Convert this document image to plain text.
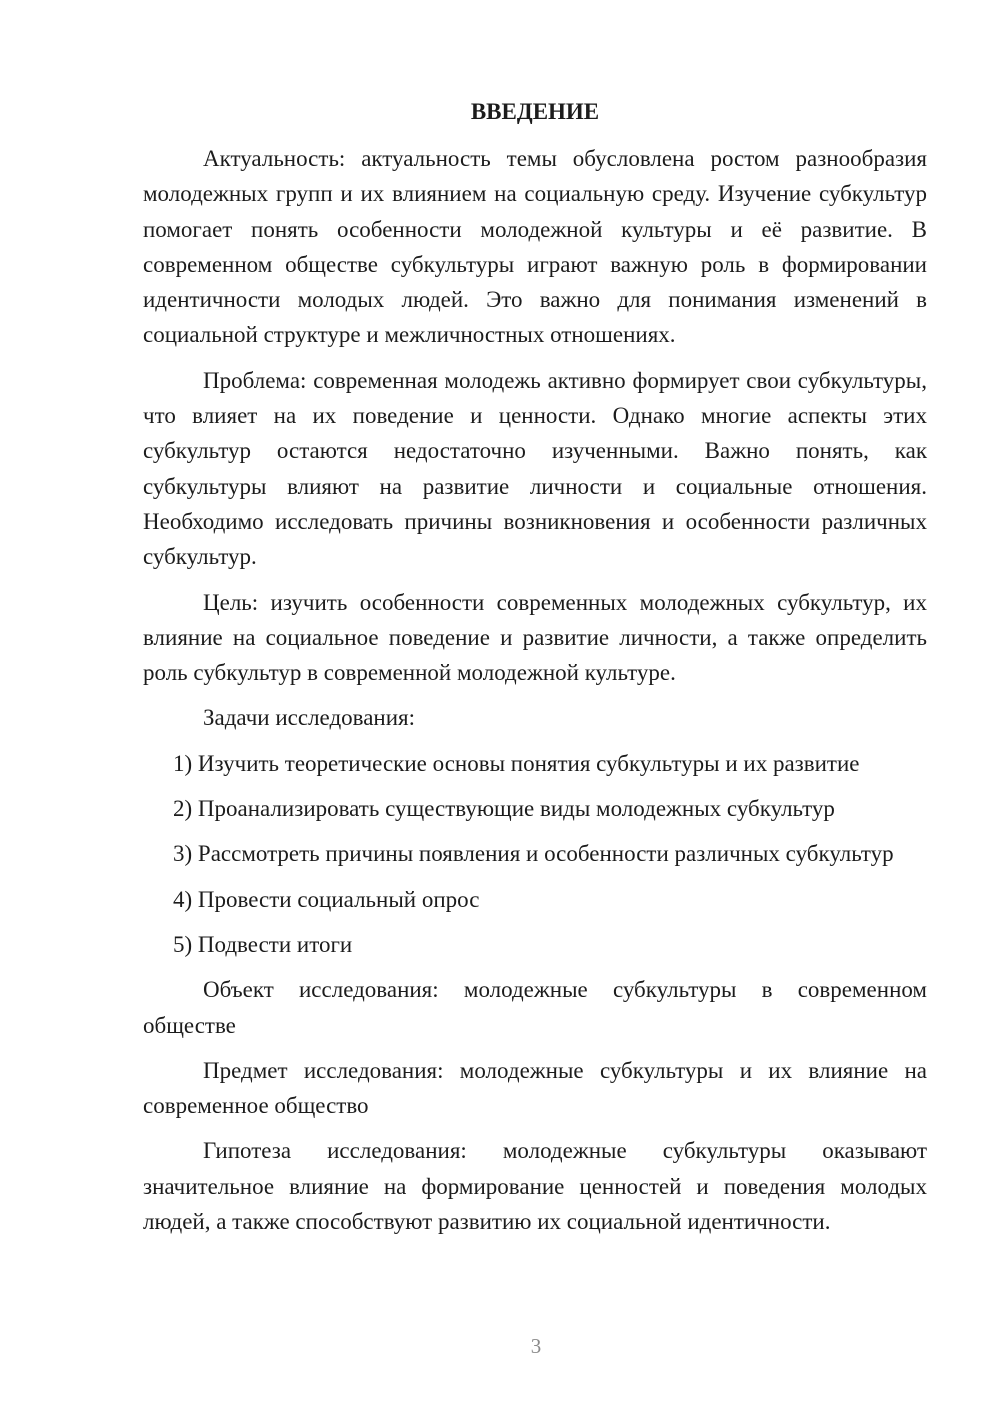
ВВЕДЕНИЕ

Актуальность: актуальность темы обусловлена ростом разнообразия молодежных групп и их влиянием на социальную среду. Изучение субкультур помогает понять особенности молодежной культуры и её развитие. В современном обществе субкультуры играют важную роль в формировании идентичности молодых людей. Это важно для понимания изменений в социальной структуре и межличностных отношениях.

Проблема: современная молодежь активно формирует свои субкультуры, что влияет на их поведение и ценности. Однако многие аспекты этих субкультур остаются недостаточно изученными. Важно понять, как субкультуры влияют на развитие личности и социальные отношения. Необходимо исследовать причины возникновения и особенности различных субкультур.

Цель: изучить особенности современных молодежных субкультур, их влияние на социальное поведение и развитие личности, а также определить роль субкультур в современной молодежной культуре.

Задачи исследования:

1) Изучить теоретические основы понятия субкультуры и их развитие

2) Проанализировать существующие виды молодежных субкультур

3) Рассмотреть причины появления и особенности различных субкультур

4) Провести социальный опрос

5) Подвести итоги

Объект исследования: молодежные субкультуры в современном обществе

Предмет исследования: молодежные субкультуры и их влияние на современное общество

Гипотеза исследования: молодежные субкультуры оказывают значительное влияние на формирование ценностей и поведения молодых людей, а также способствуют развитию их социальной идентичности.

3
